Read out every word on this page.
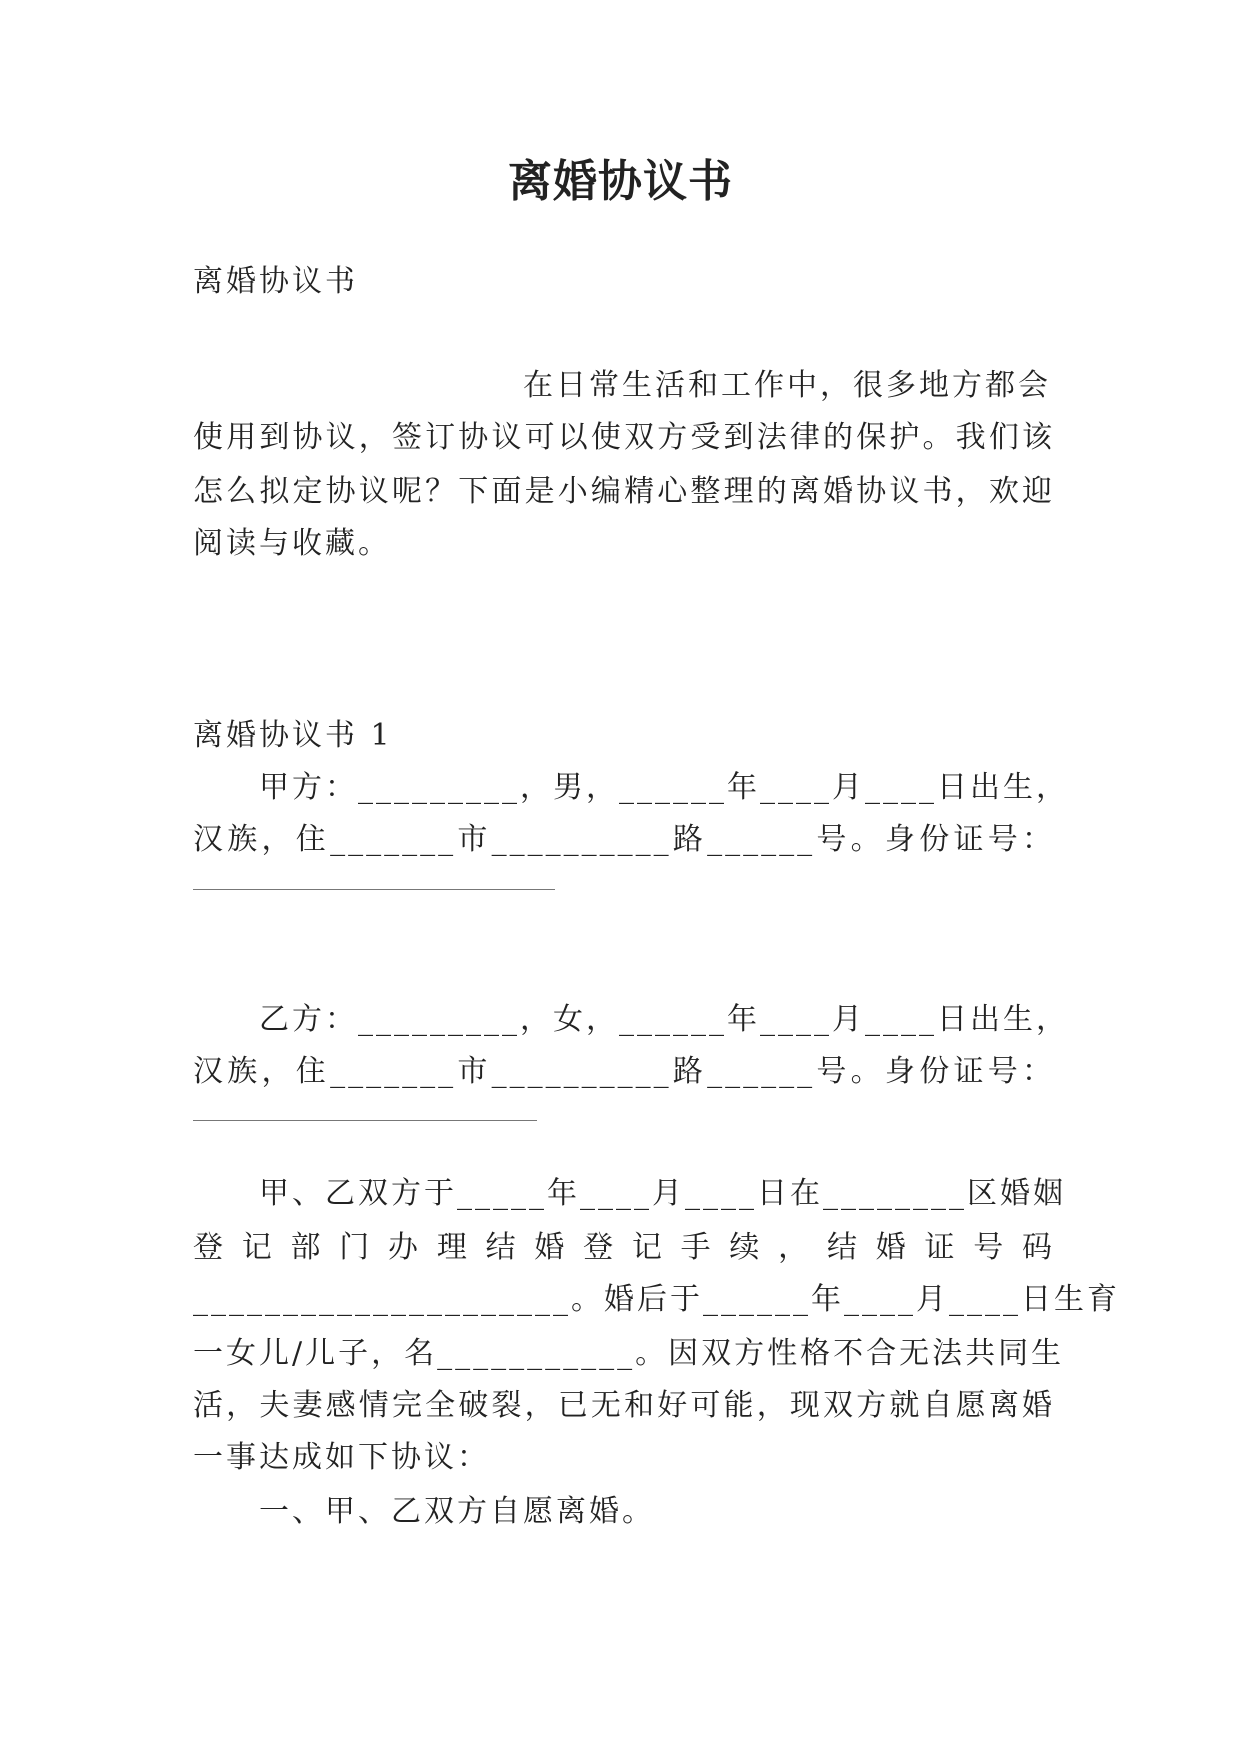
离婚协议书
离婚协议书
在日常生活和工作中，很多地方都会
使用到协议，签订协议可以使双方受到法律的保护。我们该
怎么拟定协议呢？下面是小编精心整理的离婚协议书，欢迎
阅读与收藏。
离婚协议书 1
甲方：_________，男，______年____月____日出生，
汉族，住_______市__________路______号。身份证号：
乙方：_________，女，______年____月____日出生，
汉族，住_______市__________路______号。身份证号：
甲、乙双方于_____年____月____日在________区婚姻
登记部门办理结婚登记手续，结婚证号码
_____________________。婚后于______年____月____日生育
一女儿/儿子，名___________。因双方性格不合无法共同生
活，夫妻感情完全破裂，已无和好可能，现双方就自愿离婚
一事达成如下协议：
一、甲、乙双方自愿离婚。
